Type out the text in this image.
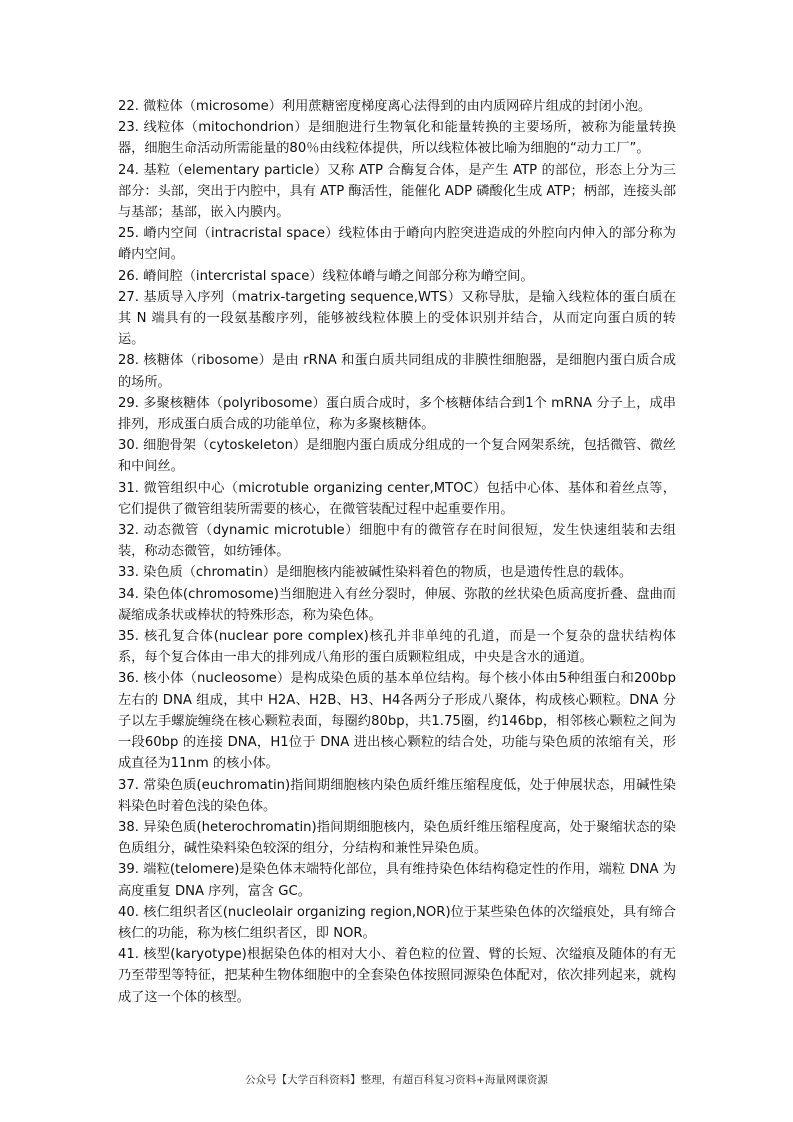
22. 微粒体（microsome）利用蔗糖密度梯度离心法得到的由内质网碎片组成的封闭小泡。

23. 线粒体（mitochondrion）是细胞进行生物氧化和能量转换的主要场所，被称为能量转换器，细胞生命活动所需能量的80％由线粒体提供，所以线粒体被比喻为细胞的“动力工厂”。

24. 基粒（elementary particle）又称 ATP 合酶复合体，是产生 ATP 的部位，形态上分为三部分：头部，突出于内腔中，具有 ATP 酶活性，能催化 ADP 磷酸化生成 ATP；柄部，连接头部与基部；基部，嵌入内膜内。

25. 嵴内空间（intracristal space）线粒体由于嵴向内腔突进造成的外腔向内伸入的部分称为嵴内空间。

26. 嵴间腔（intercristal space）线粒体嵴与嵴之间部分称为嵴空间。

27. 基质导入序列（matrix-targeting sequence,WTS）又称导肽，是输入线粒体的蛋白质在其 N 端具有的一段氨基酸序列，能够被线粒体膜上的受体识别并结合，从而定向蛋白质的转运。

28. 核糖体（ribosome）是由 rRNA 和蛋白质共同组成的非膜性细胞器，是细胞内蛋白质合成的场所。

29. 多聚核糖体（polyribosome）蛋白质合成时，多个核糖体结合到1个 mRNA 分子上，成串排列，形成蛋白质合成的功能单位，称为多聚核糖体。

30. 细胞骨架（cytoskeleton）是细胞内蛋白质成分组成的一个复合网架系统，包括微管、微丝和中间丝。

31. 微管组织中心（microtuble organizing center,MTOC）包括中心体、基体和着丝点等，它们提供了微管组装所需要的核心，在微管装配过程中起重要作用。

32. 动态微管（dynamic microtuble）细胞中有的微管存在时间很短，发生快速组装和去组装，称动态微管，如纺锤体。

33. 染色质（chromatin）是细胞核内能被碱性染料着色的物质，也是遗传性息的载体。

34. 染色体(chromosome)当细胞进入有丝分裂时，伸展、弥散的丝状染色质高度折叠、盘曲而凝缩成条状或棒状的特殊形态，称为染色体。

35. 核孔复合体(nuclear pore complex)核孔并非单纯的孔道，而是一个复杂的盘状结构体系，每个复合体由一串大的排列成八角形的蛋白质颗粒组成，中央是含水的通道。

36. 核小体（nucleosome）是构成染色质的基本单位结构。每个核小体由5种组蛋白和200bp 左右的 DNA 组成，其中 H2A、H2B、H3、H4各两分子形成八聚体，构成核心颗粒。DNA 分子以左手螺旋缠绕在核心颗粒表面，每圈约80bp，共1.75圈，约146bp，相邻核心颗粒之间为一段60bp 的连接 DNA，H1位于 DNA 进出核心颗粒的结合处，功能与染色质的浓缩有关，形成直径为11nm 的核小体。

37. 常染色质(euchromatin)指间期细胞核内染色质纤维压缩程度低，处于伸展状态，用碱性染料染色时着色浅的染色体。

38. 异染色质(heterochromatin)指间期细胞核内，染色质纤维压缩程度高，处于聚缩状态的染色质组分，碱性染料染色较深的组分，分结构和兼性异染色质。

39. 端粒(telomere)是染色体末端特化部位，具有维持染色体结构稳定性的作用，端粒 DNA 为高度重复 DNA 序列，富含 GC。

40. 核仁组织者区(nucleolair organizing region,NOR)位于某些染色体的次缢痕处，具有缔合核仁的功能，称为核仁组织者区，即 NOR。

41. 核型(karyotype)根据染色体的相对大小、着色粒的位置、臂的长短、次缢痕及随体的有无乃至带型等特征，把某种生物体细胞中的全套染色体按照同源染色体配对，依次排列起来，就构成了这一个体的核型。

公众号【大学百科资料】整理，有超百科复习资料+海量网课资源
